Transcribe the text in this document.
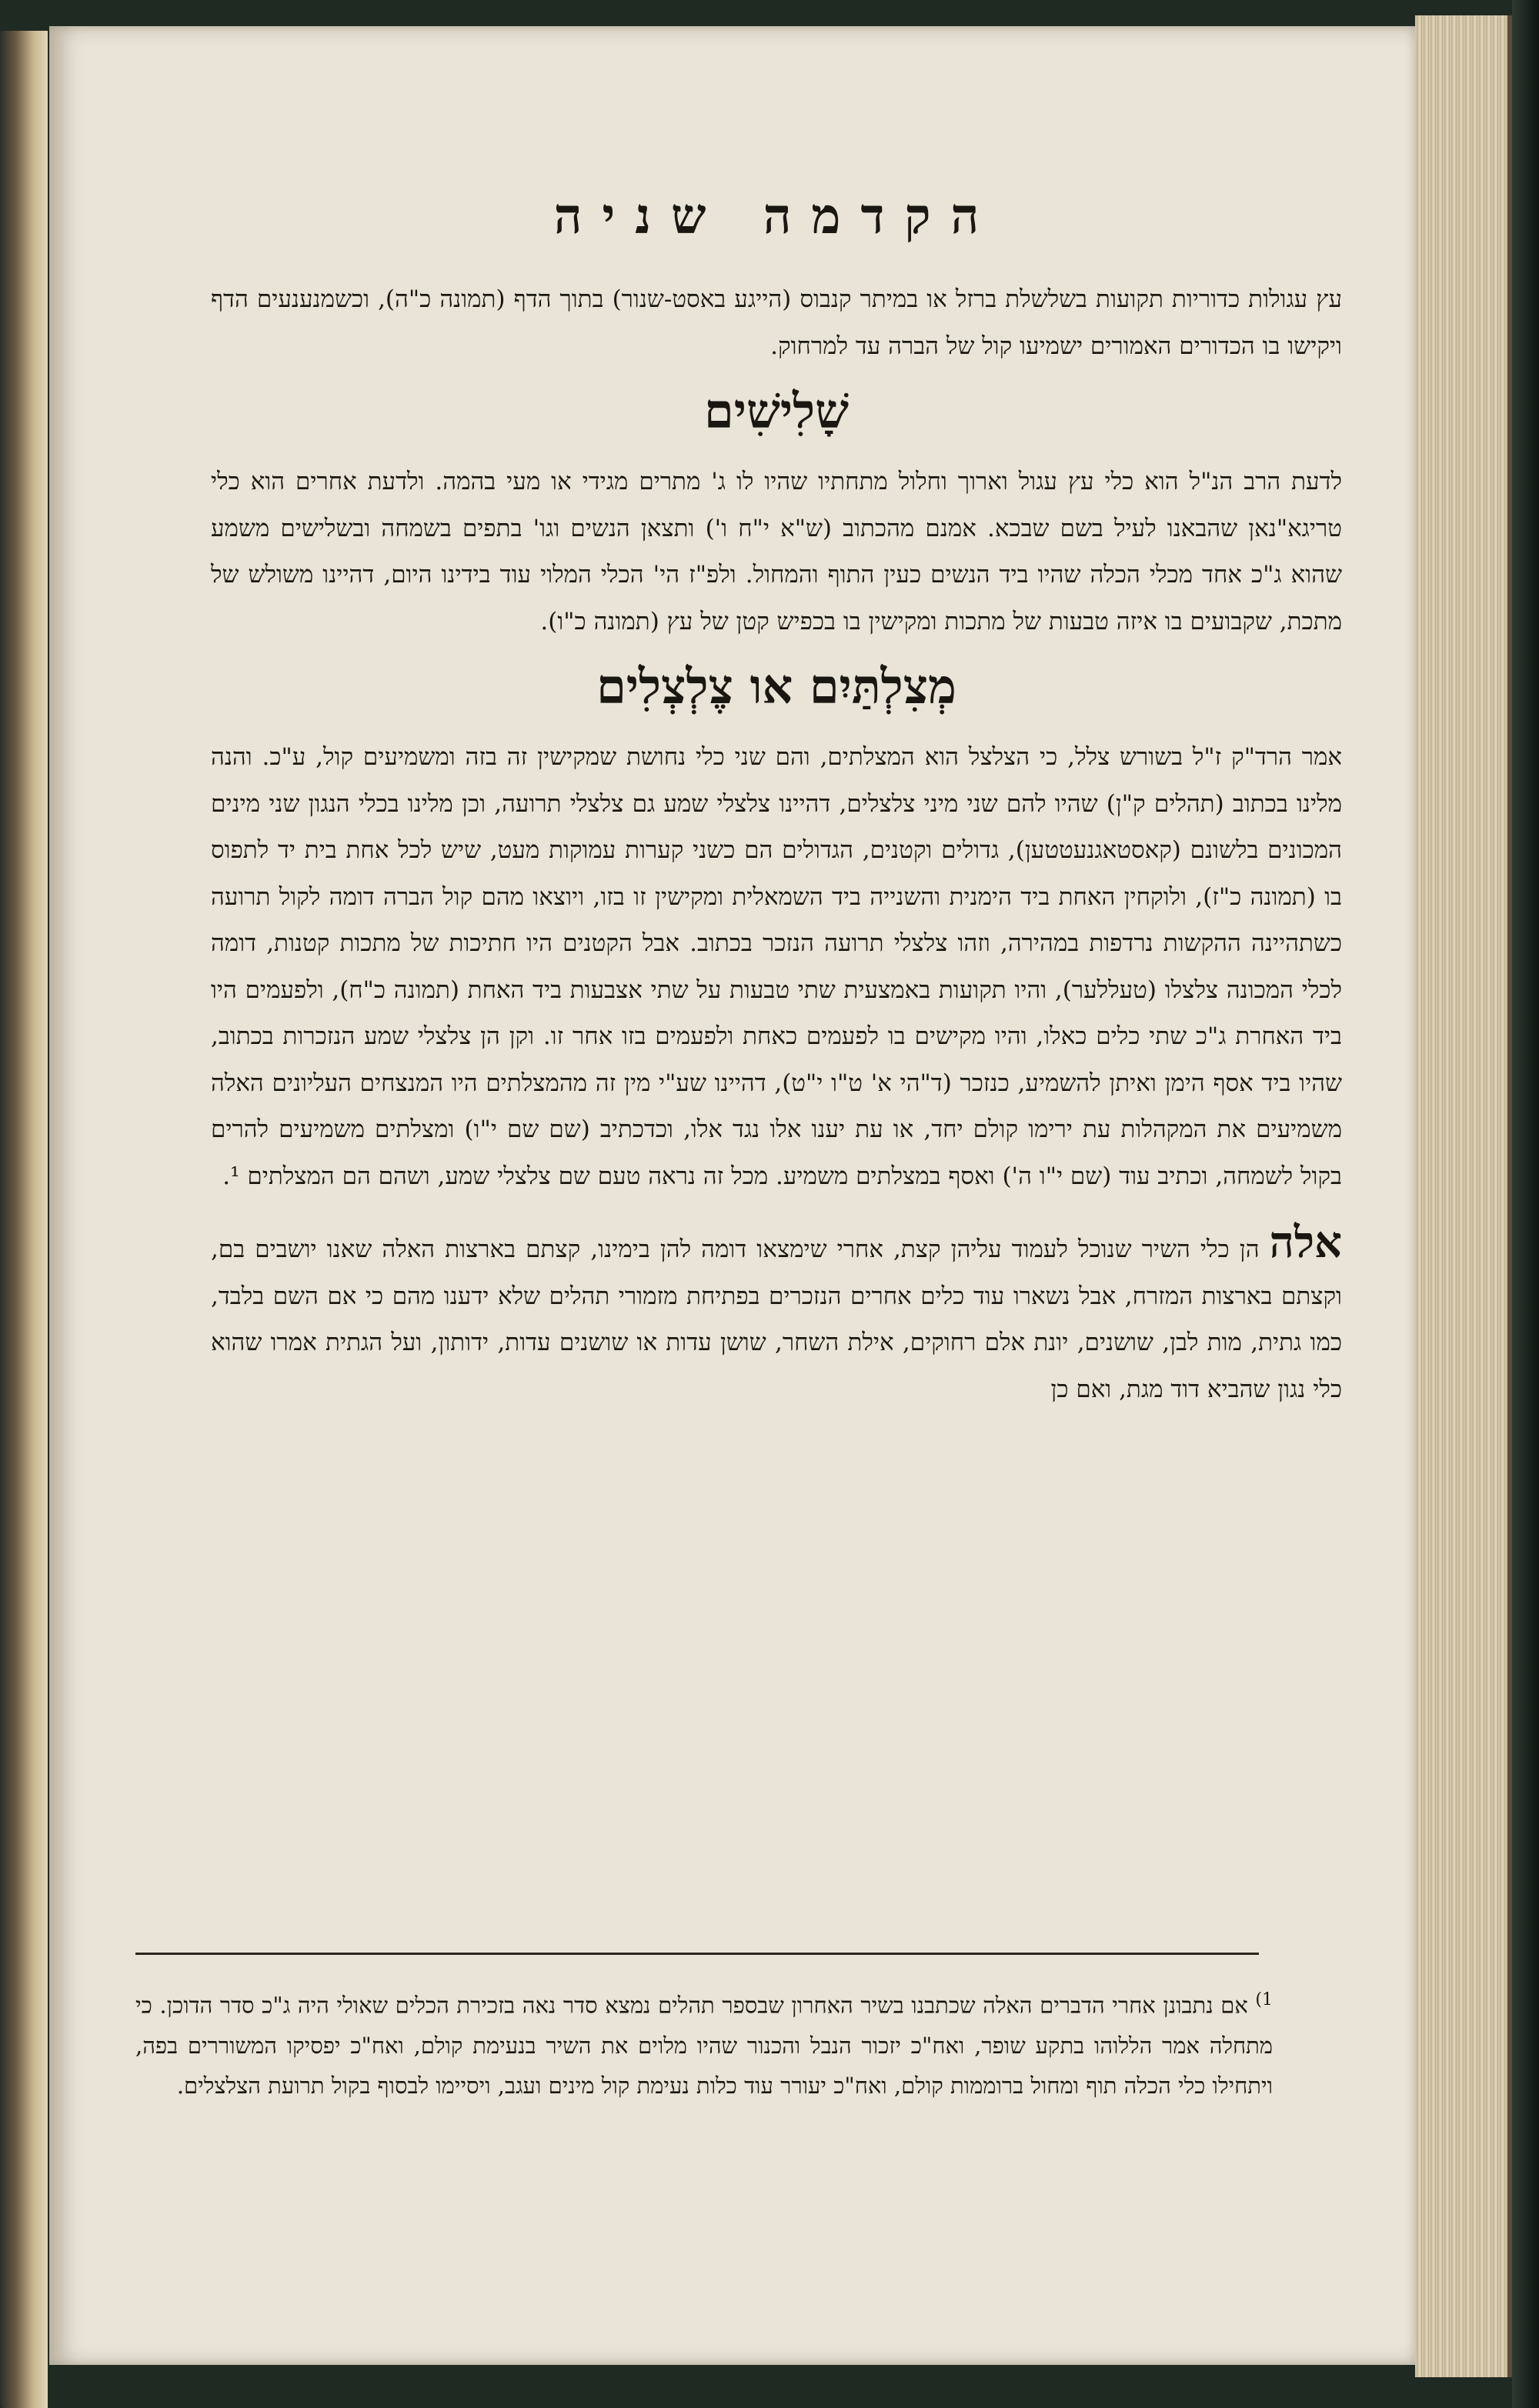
הקדמה שניה

עץ עגולות כדוריות תקועות בשלשלת ברזל או במיתר קנבוס (הייגע באסט-שנור) בתוך הדף (תמונה כ"ה), וכשמנענעים הדף ויקישו בו הכדורים האמורים ישמיעו קול של הברה עד למרחוק.

שָׁלִישִׁים

לדעת הרב הנ"ל הוא כלי עץ עגול וארוך וחלול מתחתיו שהיו לו ג' מתרים מגידי או מעי בהמה. ולדעת אחרים הוא כלי טריגא"נאן שהבאנו לעיל בשם שבכא. אמנם מהכתוב (ש"א י"ח ו') ותצאן הנשים וגו' בתפים בשמחה ובשלישים משמע שהוא ג"כ אחד מכלי הכלה שהיו ביד הנשים כעין התוף והמחול. ולפ"ז הי' הכלי המלוי עוד בידינו היום, דהיינו משולש של מתכת, שקבועים בו איזה טבעות של מתכות ומקישין בו בכפיש קטן של עץ (תמונה כ"ו).

מְצִלְתַּיִם או צֶלְצְלִים

אמר הרד"ק ז"ל בשורש צלל, כי הצלצל הוא המצלתים, והם שני כלי נחושת שמקישין זה בזה ומשמיעים קול, ע"כ. והנה מלינו בכתוב (תהלים ק"ן) שהיו להם שני מיני צלצלים, דהיינו צלצלי שמע גם צלצלי תרועה, וכן מלינו בכלי הנגון שני מינים המכונים בלשונם (קאסטאגנעטטען), גדולים וקטנים, הגדולים הם כשני קערות עמוקות מעט, שיש לכל אחת בית יד לתפוס בו (תמונה כ"ז), ולוקחין האחת ביד הימנית והשנייה ביד השמאלית ומקישין זו בזו, ויוצאו מהם קול הברה דומה לקול תרועה כשתהיינה ההקשות נרדפות במהירה, וזהו צלצלי תרועה הנזכר בכתוב. אבל הקטנים היו חתיכות של מתכות קטנות, דומה לכלי המכונה צלצלו (טעללער), והיו תקועות באמצעית שתי טבעות על שתי אצבעות ביד האחת (תמונה כ"ח), ולפעמים היו ביד האחרת ג"כ שתי כלים כאלו, והיו מקישים בו לפעמים כאחת ולפעמים בזו אחר זו. וקן הן צלצלי שמע הנזכרות בכתוב, שהיו ביד אסף הימן ואיתן להשמיע, כנזכר (ד"הי א' ט"ו י"ט), דהיינו שע"י מין זה מהמצלתים היו המנצחים העליונים האלה משמיעים את המקהלות עת ירימו קולם יחד, או עת יענו אלו נגד אלו, וכדכתיב (שם שם י"ו) ומצלתים משמיעים להרים בקול לשמחה, וכתיב עוד (שם י"ו ה') ואסף במצלתים משמיע. מכל זה נראה טעם שם צלצלי שמע, ושהם הם המצלתים ¹.

אלה הן כלי השיר שנוכל לעמוד עליהן קצת, אחרי שימצאו דומה להן בימינו, קצתם בארצות האלה שאנו יושבים בם, וקצתם בארצות המזרח, אבל נשארו עוד כלים אחרים הנזכרים בפתיחת מזמורי תהלים שלא ידענו מהם כי אם השם בלבד, כמו גתית, מות לבן, שושנים, יונת אלם רחוקים, אילת השחר, שושן עדות או שושנים עדות, ידותון, ועל הגתית אמרו שהוא כלי נגון שהביא דוד מגת, ואם כן

$^{1)}$ אם נתבונן אחרי הדברים האלה שכתבנו בשיר האחרון שבספר תהלים נמצא סדר נאה בזכירת הכלים שאולי היה ג"כ סדר הדוכן. כי מתחלה אמר הללוהו בתקע שופר, ואח"כ יזכור הנבל והכנור שהיו מלוים את השיר בנעימת קולם, ואח"כ יפסיקו המשוררים בפה, ויתחילו כלי הכלה תוף ומחול ברוממות קולם, ואח"כ יעורר עוד כלות נעימת קול מינים ועגב, ויסיימו לבסוף בקול תרועת הצלצלים.
